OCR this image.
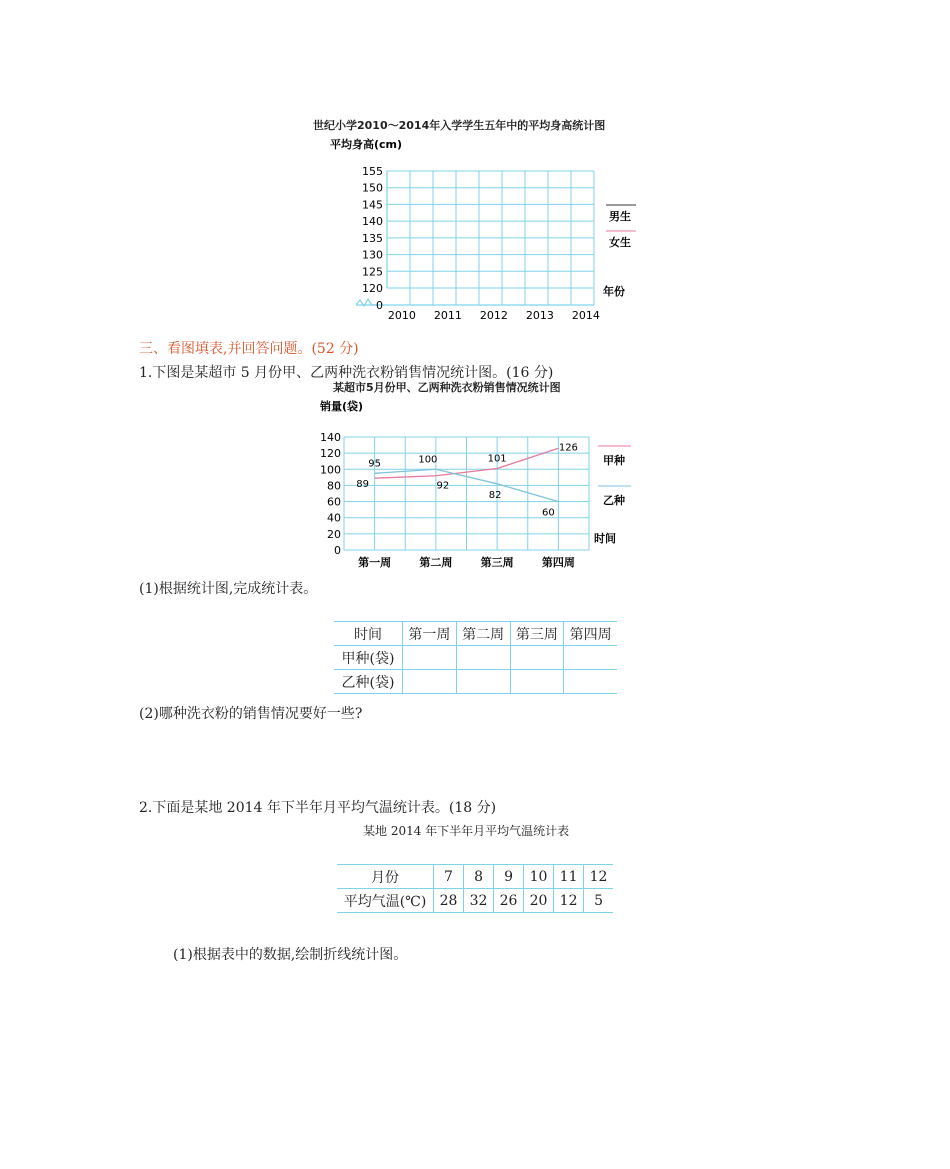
世纪小学2010～2014年入学学生五年中的平均身高统计图
平均身高(cm)
0
120
125
130
135
140
145
150
155
2010 2011 2012 2013 2014
男生
女生
年份
三、看图填表,并回答问题。(52 分)
1.下图是某超市 5 月份甲、乙两种洗衣粉销售情况统计图。(16 分)
某超市5月份甲、乙两种洗衣粉销售情况统计图
销量(袋)
0
20
40
60
80
100
120
140
第一周	第二周	第三周	第四周
89	92
101
126
95	100
82
60
甲种
乙种
时间
(1)根据统计图,完成统计表。
时间	第一周	第二周	第三周	第四周
甲种(袋)				
乙种(袋)				
(2)哪种洗衣粉的销售情况要好一些?
2.下面是某地 2014 年下半年月平均气温统计表。(18 分)
某地 2014 年下半年月平均气温统计表
月份	7	8	9	10	11	12
平均气温(℃)	28	32	26	20	12	5
(1)根据表中的数据,绘制折线统计图。
